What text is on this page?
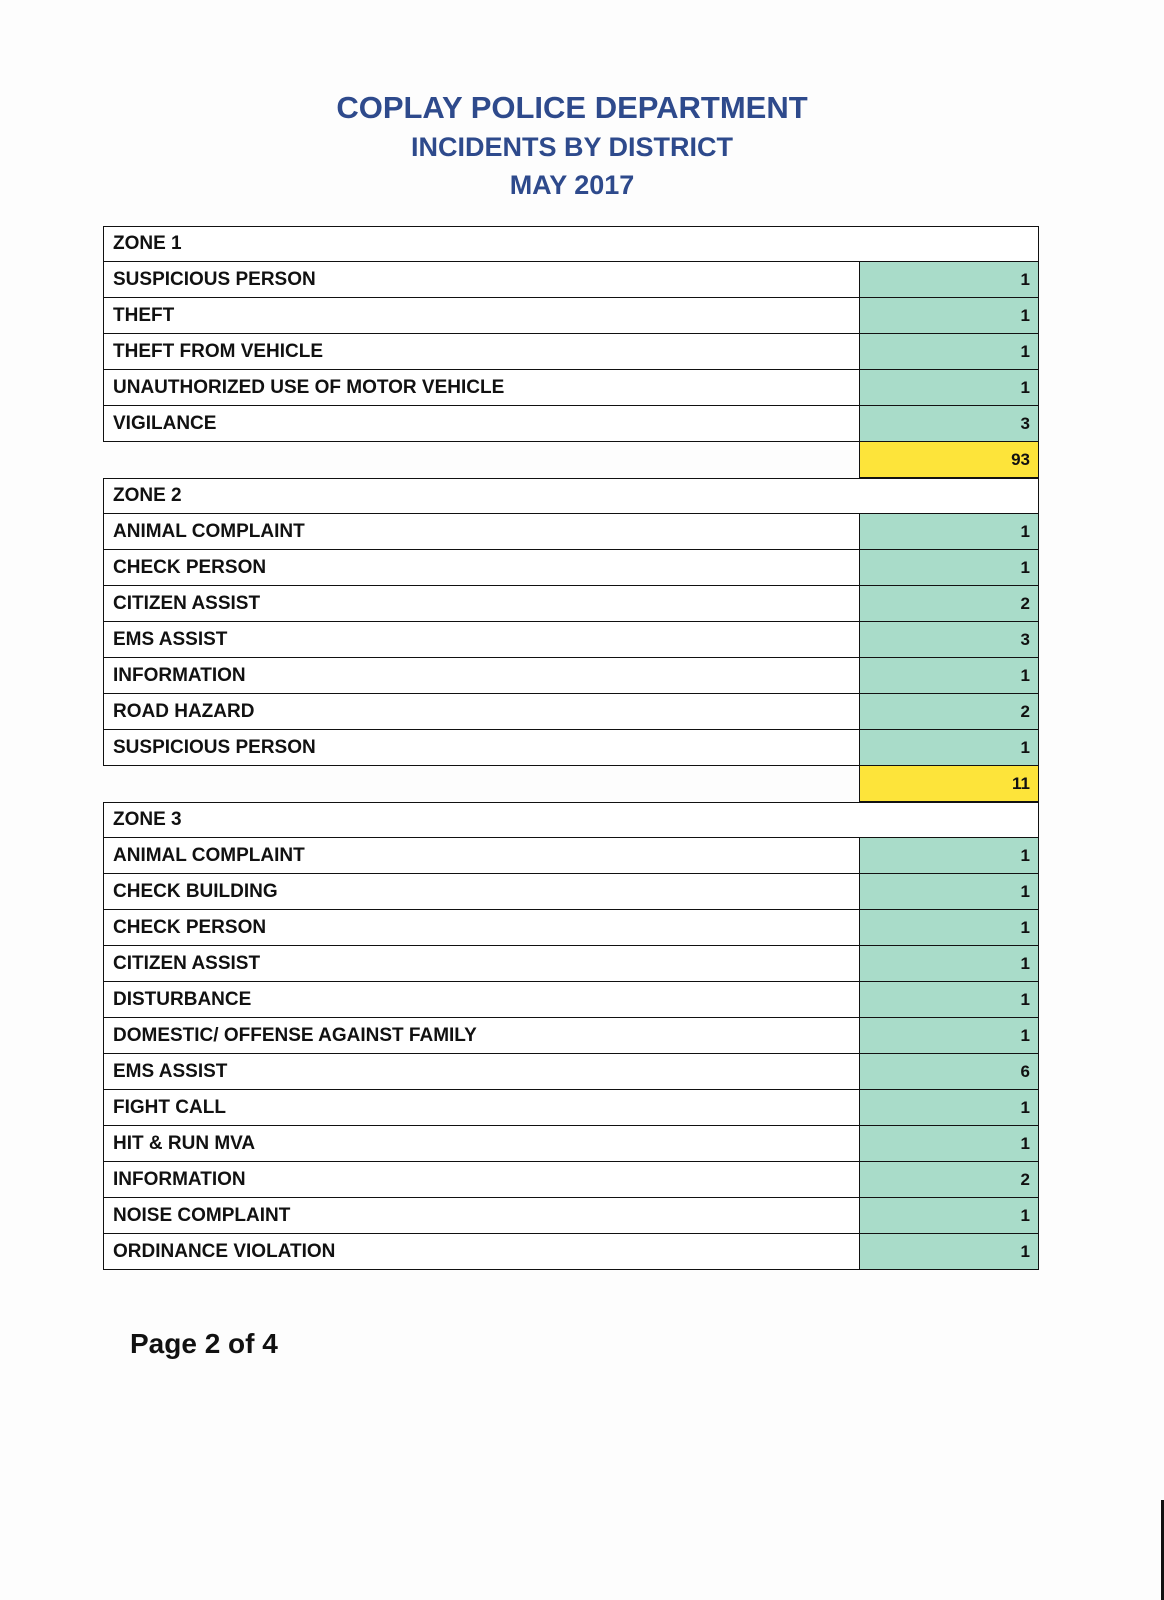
COPLAY POLICE DEPARTMENT
INCIDENTS BY DISTRICT
MAY 2017
ZONE 1
SUSPICIOUS PERSON	1
THEFT	1
THEFT FROM VEHICLE	1
UNAUTHORIZED USE OF MOTOR VEHICLE	1
VIGILANCE	3
93
ZONE 2
ANIMAL COMPLAINT	1
CHECK PERSON	1
CITIZEN ASSIST	2
EMS ASSIST	3
INFORMATION	1
ROAD HAZARD	2
SUSPICIOUS PERSON	1
11
ZONE 3
ANIMAL COMPLAINT	1
CHECK BUILDING	1
CHECK PERSON	1
CITIZEN ASSIST	1
DISTURBANCE	1
DOMESTIC/ OFFENSE AGAINST FAMILY	1
EMS ASSIST	6
FIGHT CALL	1
HIT & RUN MVA	1
INFORMATION	2
NOISE COMPLAINT	1
ORDINANCE VIOLATION	1
Page 2 of 4
